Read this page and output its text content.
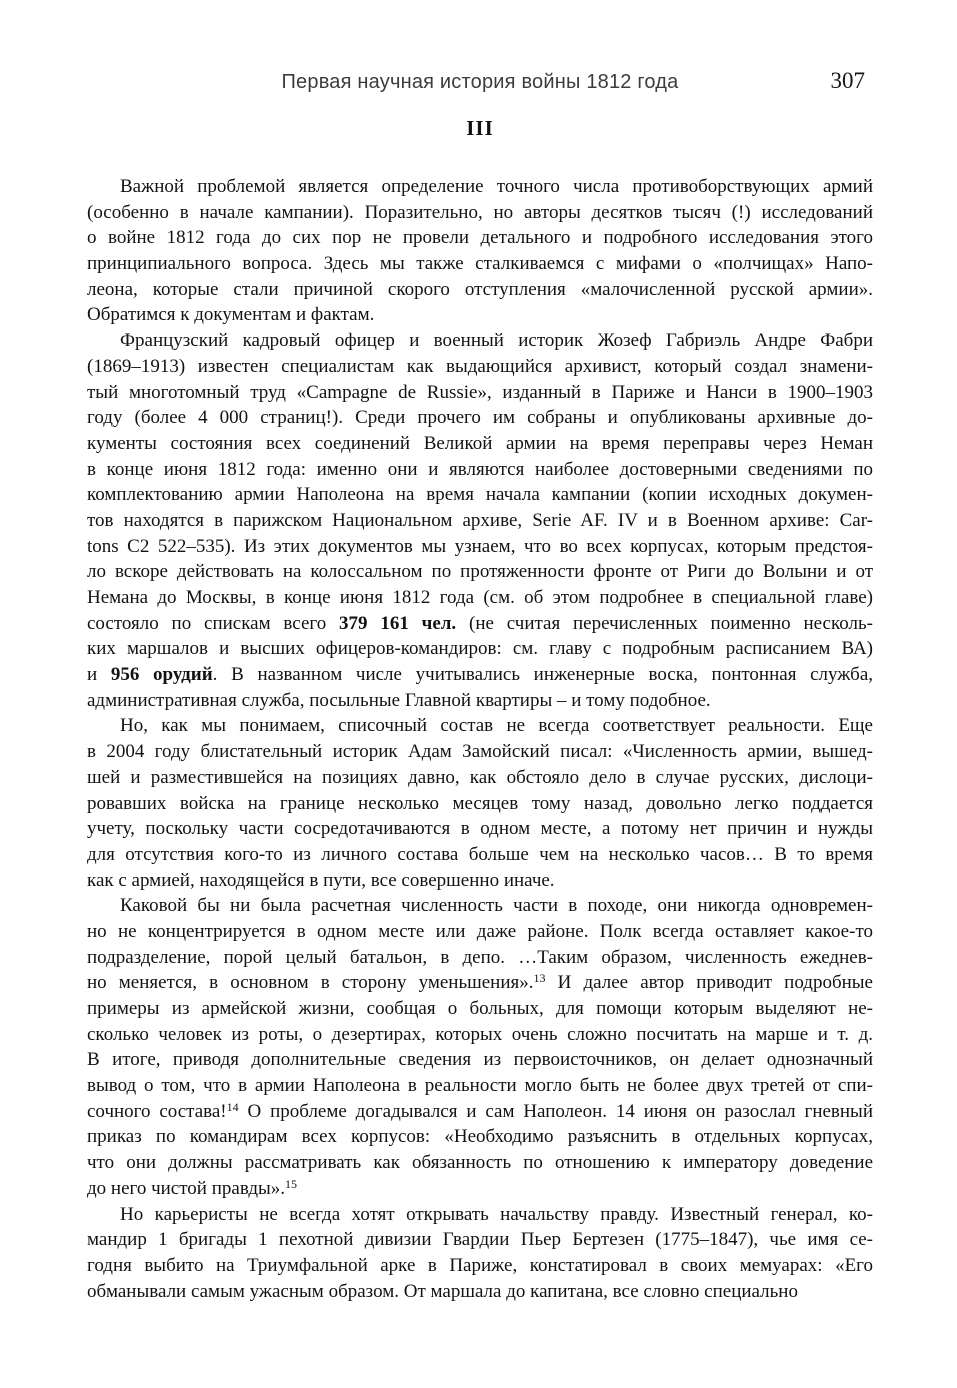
Первая научная история войны 1812 года	307
III
Важной проблемой является определение точного числа противоборствующих армий
(особенно в начале кампании). Поразительно, но авторы десятков тысяч (!) исследований
о войне 1812 года до сих пор не провели детального и подробного исследования этого
принципиального вопроса. Здесь мы также сталкиваемся с мифами о «полчищах» Напо-
леона, которые стали причиной скорого отступления «малочисленной русской армии».
Обратимся к документам и фактам.
Французский кадровый офицер и военный историк Жозеф Габриэль Андре Фабри
(1869–1913) известен специалистам как выдающийся архивист, который создал знамени-
тый многотомный труд «Campagne de Russie», изданный в Париже и Нанси в 1900–1903
году (более 4 000 страниц!). Среди прочего им собраны и опубликованы архивные до-
кументы состояния всех соединений Великой армии на время переправы через Неман
в конце июня 1812 года: именно они и являются наиболее достоверными сведениями по
комплектованию армии Наполеона на время начала кампании (копии исходных докумен-
тов находятся в парижском Национальном архиве, Serie AF. IV и в Военном архиве: Car-
tons C2 522–535). Из этих документов мы узнаем, что во всех корпусах, которым предстоя-
ло вскоре действовать на колоссальном по протяженности фронте от Риги до Волыни и от
Немана до Москвы, в конце июня 1812 года (см. об этом подробнее в специальной главе)
состояло по спискам всего 379 161 чел. (не считая перечисленных поименно несколь-
ких маршалов и высших офицеров-командиров: см. главу с подробным расписанием ВА)
и 956 орудий. В названном числе учитывались инженерные воска, понтонная служба,
административная служба, посыльные Главной квартиры – и тому подобное.
Но, как мы понимаем, списочный состав не всегда соответствует реальности. Еще
в 2004 году блистательный историк Адам Замойский писал: «Численность армии, вышед-
шей и разместившейся на позициях давно, как обстояло дело в случае русских, дислоци-
ровавших войска на границе несколько месяцев тому назад, довольно легко поддается
учету, поскольку части сосредотачиваются в одном месте, а потому нет причин и нужды
для отсутствия кого-то из личного состава больше чем на несколько часов… В то время
как с армией, находящейся в пути, все совершенно иначе.
Каковой бы ни была расчетная численность части в походе, они никогда одновремен-
но не концентрируется в одном месте или даже районе. Полк всегда оставляет какое-то
подразделение, порой целый батальон, в депо. …Таким образом, численность ежеднев-
но меняется, в основном в сторону уменьшения».$^{13}$ И далее автор приводит подробные
примеры из армейской жизни, сообщая о больных, для помощи которым выделяют не-
сколько человек из роты, о дезертирах, которых очень сложно посчитать на марше и т. д.
В итоге, приводя дополнительные сведения из первоисточников, он делает однозначный
вывод о том, что в армии Наполеона в реальности могло быть не более двух третей от спи-
сочного состава!$^{14}$ О проблеме догадывался и сам Наполеон. 14 июня он разослал гневный
приказ по командирам всех корпусов: «Необходимо разъяснить в отдельных корпусах,
что они должны рассматривать как обязанность по отношению к императору доведение
до него чистой правды».$^{15}$
Но карьеристы не всегда хотят открывать начальству правду. Известный генерал, ко-
мандир 1 бригады 1 пехотной дивизии Гвардии Пьер Бертезен (1775–1847), чье имя се-
годня выбито на Триумфальной арке в Париже, констатировал в своих мемуарах: «Его
обманывали самым ужасным образом. От маршала до капитана, все словно специально
